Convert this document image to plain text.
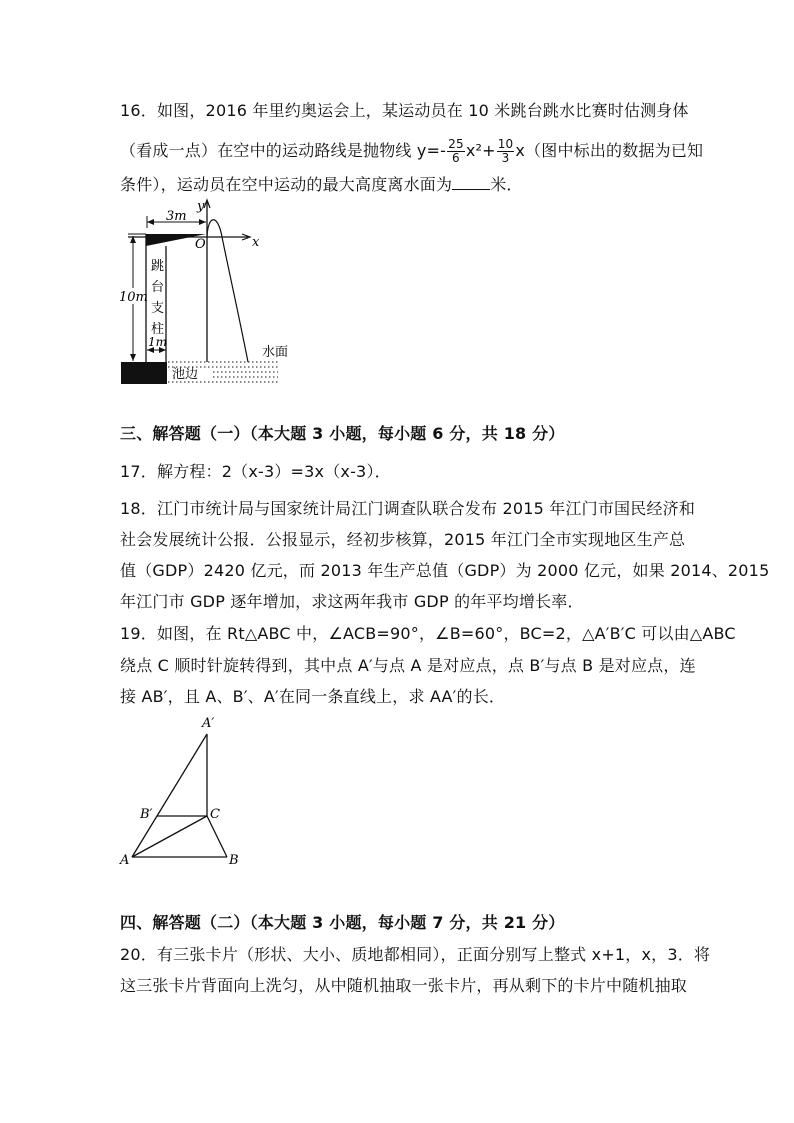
16．如图，2016 年里约奥运会上，某运动员在 10 米跳台跳水比赛时估测身体
（看成一点）在空中的运动路线是抛物线 $y=- \frac{25}{6} x^2+ \frac{10}{3} x$（图中标出的数据为已知
条件），运动员在空中运动的最大高度离水面为 米．
y
x
O
3m
跳
台
支
柱
10m
1m
池边
水面
三、解答题（一）（本大题 3 小题，每小题 6 分，共 18 分）
17．解方程：2（x-3）=3x（x-3）．
18．江门市统计局与国家统计局江门调查队联合发布 2015 年江门市国民经济和
社会发展统计公报．公报显示，经初步核算，2015 年江门全市实现地区生产总
值（GDP）2420 亿元，而 2013 年生产总值（GDP）为 2000 亿元，如果 2014、2015
年江门市 GDP 逐年增加，求这两年我市 GDP 的年平均增长率．
19．如图，在 Rt△ABC 中，∠ACB=90°，∠B=60°，BC=2，△A′B′C 可以由△ABC
绕点 C 顺时针旋转得到，其中点 A′与点 A 是对应点，点 B′与点 B 是对应点，连
接 AB′，且 A、B′、A′在同一条直线上，求 AA′的长．
A′
B′	C
A	B
四、解答题（二）（本大题 3 小题，每小题 7 分，共 21 分）
20．有三张卡片（形状、大小、质地都相同），正面分别写上整式 x+1，x，3．将
这三张卡片背面向上洗匀，从中随机抽取一张卡片，再从剩下的卡片中随机抽取
